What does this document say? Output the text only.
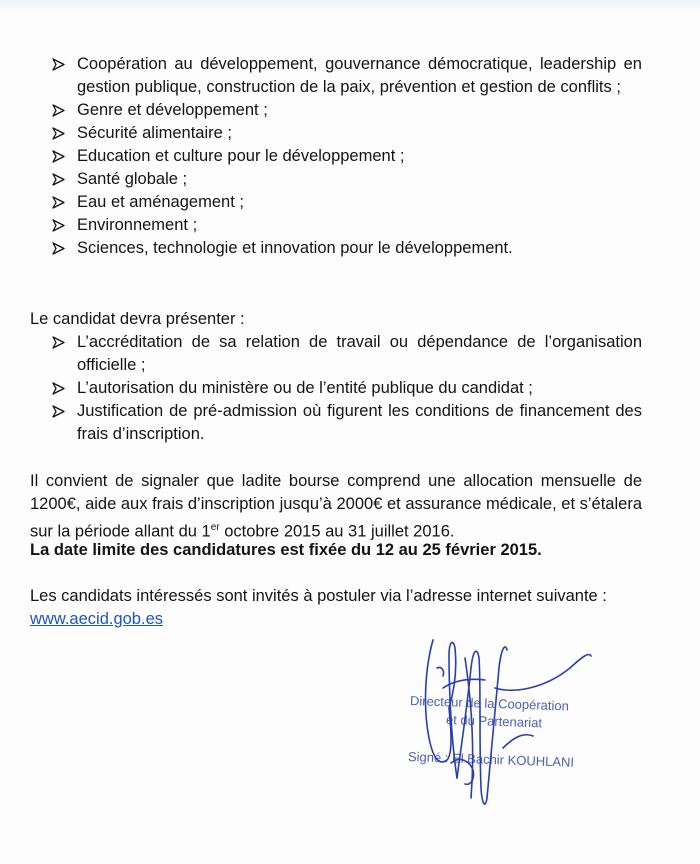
Coopération au développement, gouvernance démocratique, leadership en gestion publique, construction de la paix, prévention et gestion de conflits ;
Genre et développement ;
Sécurité alimentaire ;
Education et culture pour le développement ;
Santé globale ;
Eau et aménagement ;
Environnement ;
Sciences, technologie et innovation pour le développement.

Le candidat devra présenter :

L’accréditation de sa relation de travail ou dépendance de l’organisation officielle ;
L’autorisation du ministère ou de l’entité publique du candidat ;
Justification de pré-admission où figurent les conditions de financement des frais d’inscription.

Il convient de signaler que ladite bourse comprend une allocation mensuelle de 1200€, aide aux frais d’inscription jusqu’à 2000€ et assurance médicale, et s’étalera sur la période allant du 1er octobre 2015 au 31 juillet 2016.

La date limite des candidatures est fixée du 12 au 25 février 2015.

Les candidats intéressés sont invités à postuler via l’adresse internet suivante :

www.aecid.gob.es
Directeur de la Coopération
et du Partenariat
Signé : El Bachir KOUHLANI
